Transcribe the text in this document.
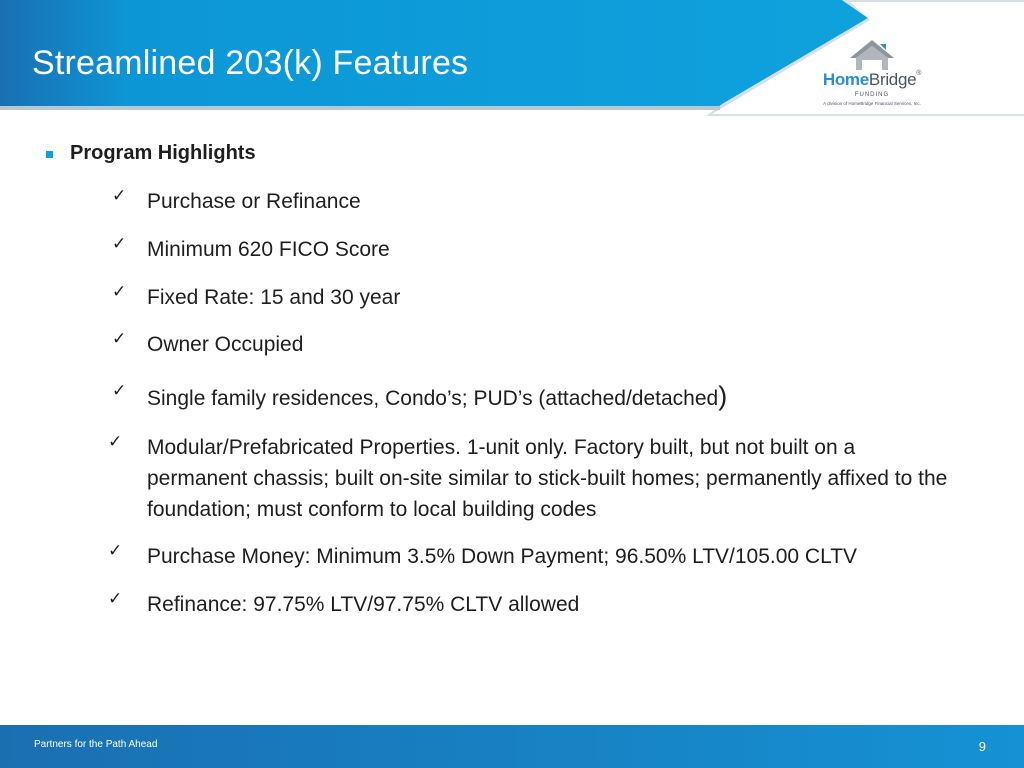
Streamlined 203(k) Features	HomeBridge®
FUNDING
A division of HomeBridge Financial Services, Inc.
Program Highlights
✓ Purchase or Refinance
✓ Minimum 620 FICO Score
✓ Fixed Rate: 15 and 30 year
✓ Owner Occupied
✓ Single family residences, Condo’s; PUD’s (attached/detached)
✓	Modular/Prefabricated Properties. 1-unit only. Factory built, but not built on a permanent chassis; built on-site similar to stick-built homes; permanently affixed to the foundation; must conform to local building codes
✓	Purchase Money: Minimum 3.5% Down Payment; 96.50% LTV/105.00 CLTV
✓	Refinance: 97.75% LTV/97.75% CLTV allowed
Partners for the Path Ahead	9
